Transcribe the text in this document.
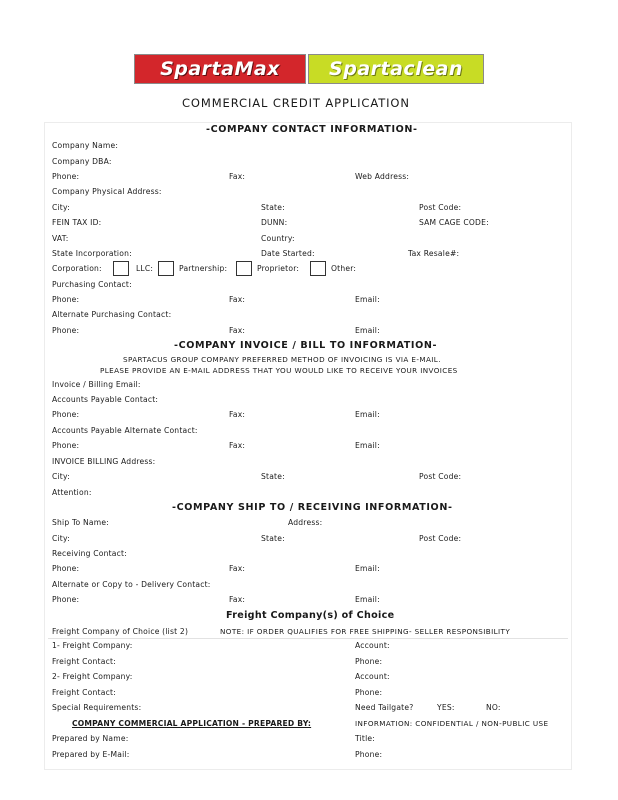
SpartaMax	Spartaclean
COMMERCIAL CREDIT APPLICATION
-COMPANY CONTACT INFORMATION-
Company Name:
Company DBA:
Phone:	Fax:	Web Address:
Company Physical Address:
City:	State:	Post Code:
FEIN TAX ID:	DUNN:	SAM CAGE CODE:
VAT:	Country:
State Incorporation:	Date Started:	Tax Resale#:
Corporation:	LLC:	Partnership:	Proprietor:	Other:
Purchasing Contact:
Phone:	Fax:	Email:
Alternate Purchasing Contact:
Phone:	Fax:	Email:
-COMPANY INVOICE / BILL TO INFORMATION-
SPARTACUS GROUP COMPANY PREFERRED METHOD OF INVOICING IS VIA E-MAIL.
PLEASE PROVIDE AN E-MAIL ADDRESS THAT YOU WOULD LIKE TO RECEIVE YOUR INVOICES
Invoice / Billing Email:
Accounts Payable Contact:
Phone:	Fax:	Email:
Accounts Payable Alternate Contact:
Phone:	Fax:	Email:
INVOICE BILLING Address:
City:	State:	Post Code:
Attention:
-COMPANY SHIP TO / RECEIVING INFORMATION-
Ship To Name:	Address:
City:	State:	Post Code:
Receiving Contact:
Phone:	Fax:	Email:
Alternate or Copy to - Delivery Contact:
Phone:	Fax:	Email:
Freight Company(s) of Choice
Freight Company of Choice (list 2)	NOTE: IF ORDER QUALIFIES FOR FREE SHIPPING- SELLER RESPONSIBILITY
1- Freight Company:	Account:
Freight Contact:	Phone:
2- Freight Company:	Account:
Freight Contact:	Phone:
Special Requirements:	Need Tailgate?	YES:	NO:
COMPANY COMMERCIAL APPLICATION - PREPARED BY:	INFORMATION: CONFIDENTIAL / NON-PUBLIC USE
Prepared by Name:	Title:
Prepared by E-Mail:	Phone:
